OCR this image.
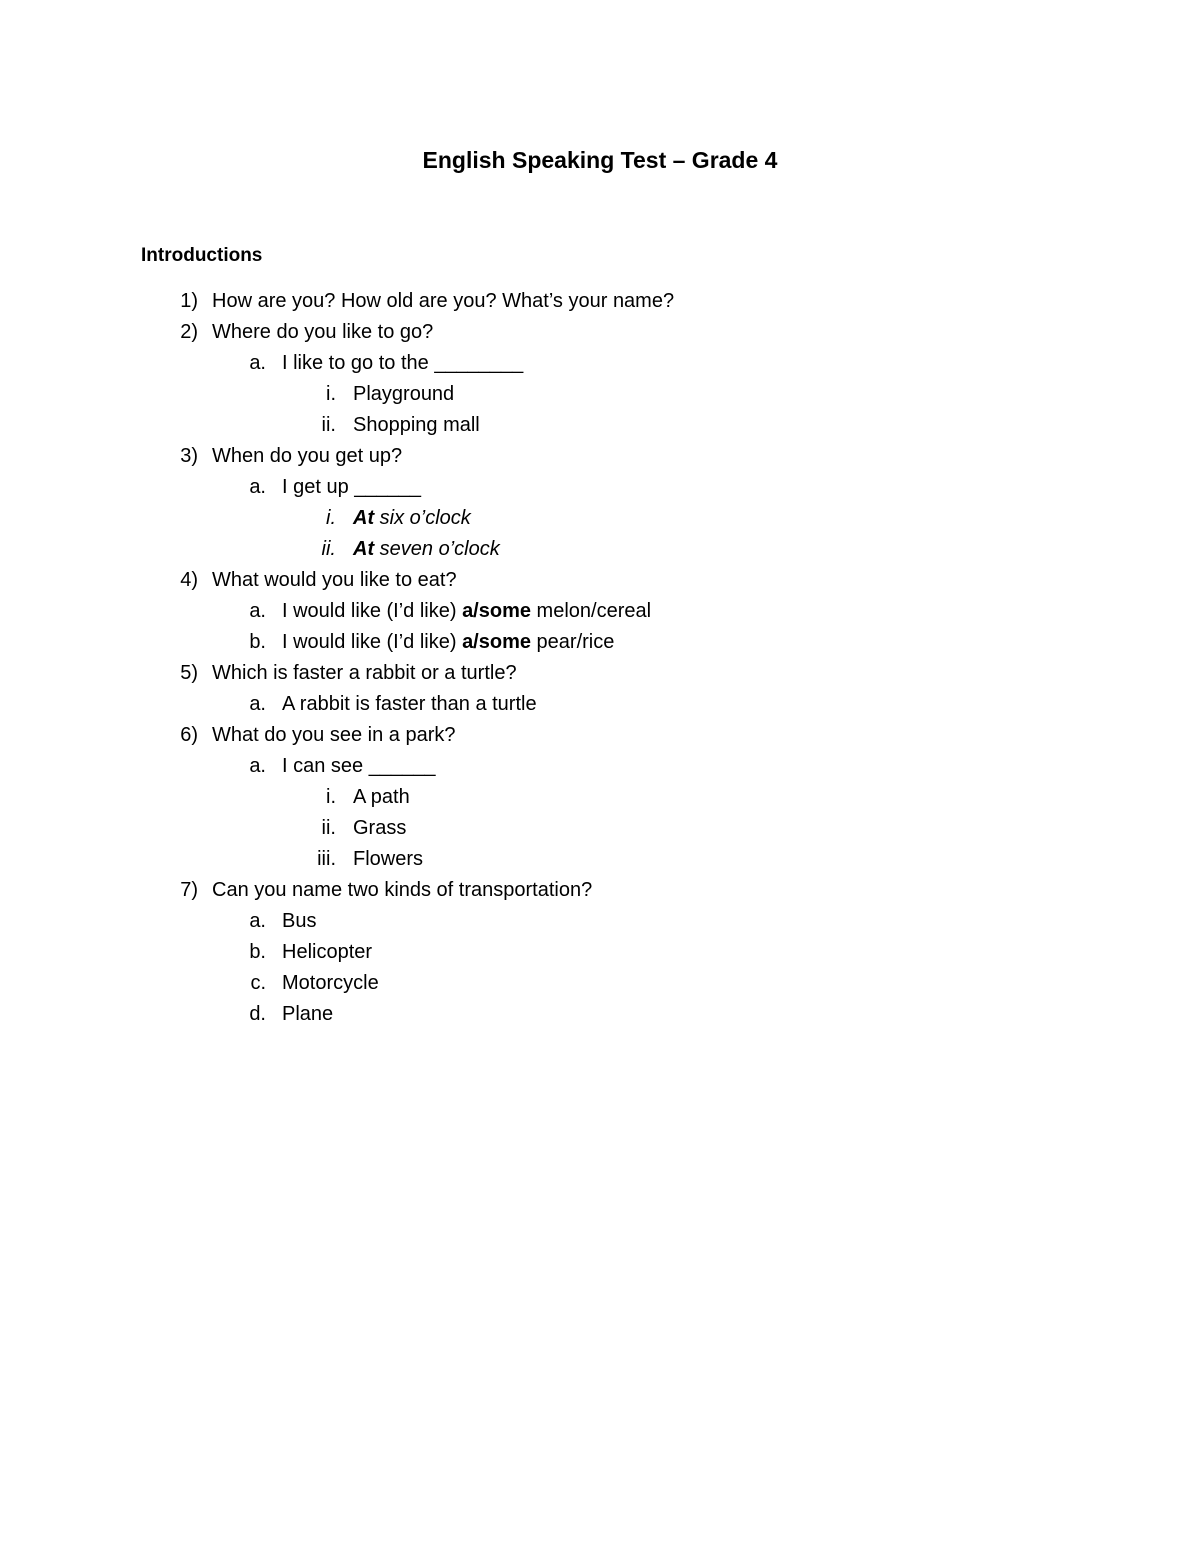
English Speaking Test – Grade 4
Introductions
1) How are you? How old are you? What’s your name?
2) Where do you like to go?
a. I like to go to the ________
i. Playground
ii. Shopping mall
3) When do you get up?
a. I get up ______
i. At six o’clock
ii. At seven o’clock
4) What would you like to eat?
a. I would like (I’d like) a/some melon/cereal
b. I would like (I’d like) a/some pear/rice
5) Which is faster a rabbit or a turtle?
a. A rabbit is faster than a turtle
6) What do you see in a park?
a. I can see ______
i. A path
ii. Grass
iii. Flowers
7) Can you name two kinds of transportation?
a. Bus
b. Helicopter
c. Motorcycle
d. Plane
